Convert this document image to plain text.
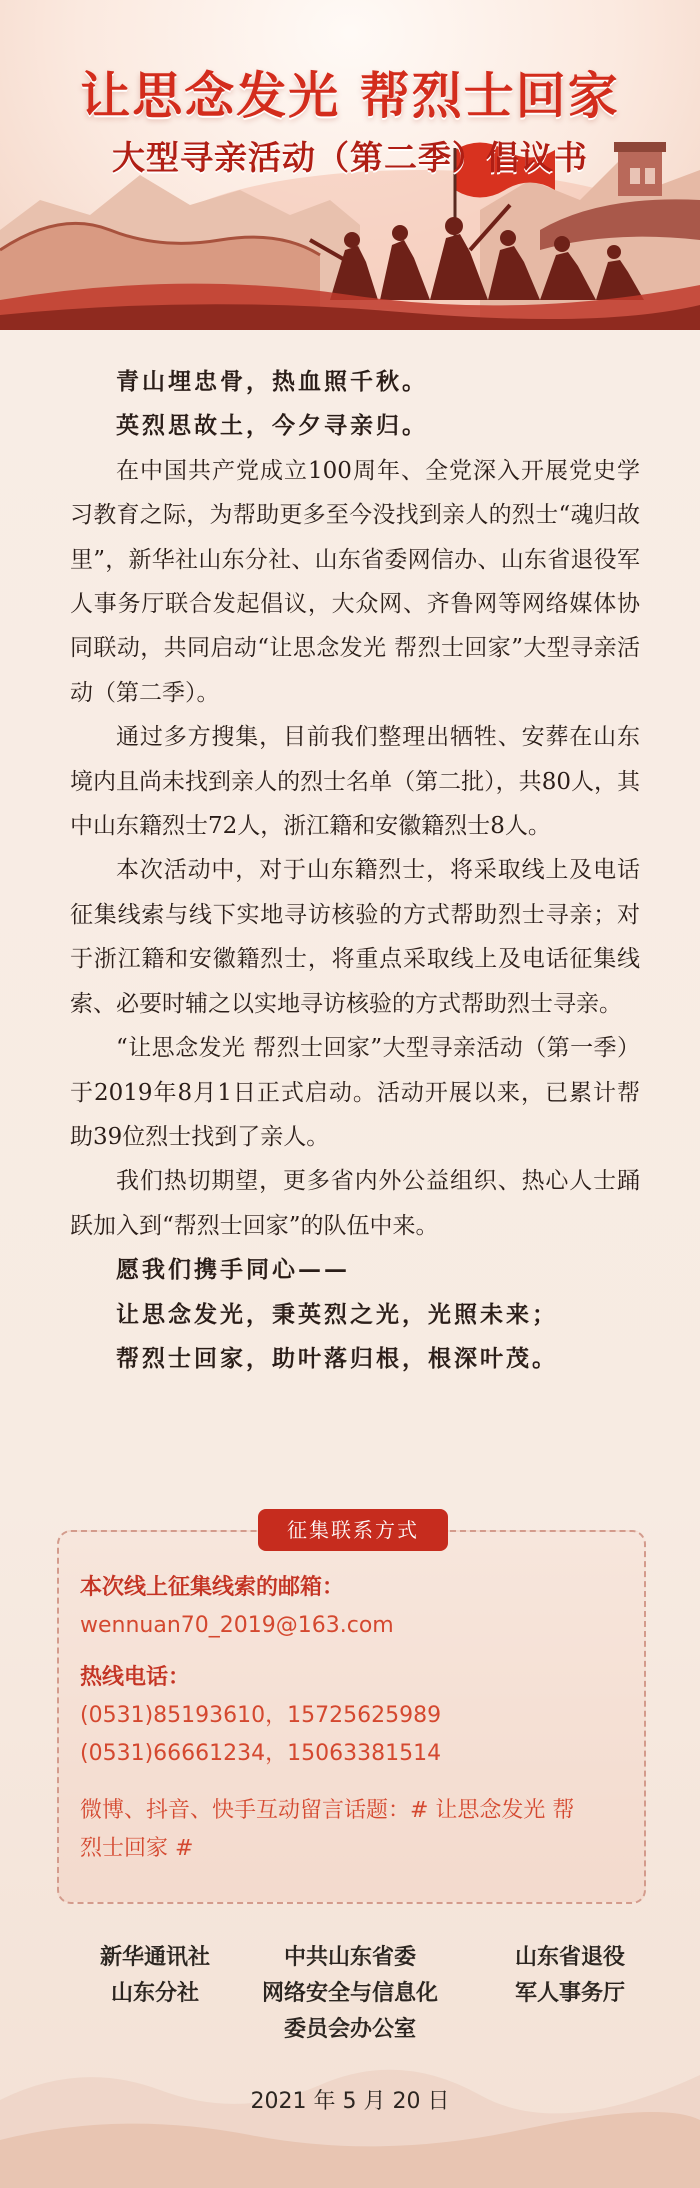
让思念发光 帮烈士回家
大型寻亲活动（第二季）倡议书

青山埋忠骨，热血照千秋。

英烈思故土，今夕寻亲归。

在中国共产党成立100周年、全党深入开展党史学习教育之际，为帮助更多至今没找到亲人的烈士“魂归故里”，新华社山东分社、山东省委网信办、山东省退役军人事务厅联合发起倡议，大众网、齐鲁网等网络媒体协同联动，共同启动“让思念发光 帮烈士回家”大型寻亲活动（第二季）。

通过多方搜集，目前我们整理出牺牲、安葬在山东境内且尚未找到亲人的烈士名单（第二批），共80人，其中山东籍烈士72人，浙江籍和安徽籍烈士8人。

本次活动中，对于山东籍烈士，将采取线上及电话征集线索与线下实地寻访核验的方式帮助烈士寻亲；对于浙江籍和安徽籍烈士，将重点采取线上及电话征集线索、必要时辅之以实地寻访核验的方式帮助烈士寻亲。

“让思念发光 帮烈士回家”大型寻亲活动（第一季）于2019年8月1日正式启动。活动开展以来，已累计帮助39位烈士找到了亲人。

我们热切期望，更多省内外公益组织、热心人士踊跃加入到“帮烈士回家”的队伍中来。

愿我们携手同心——

让思念发光，秉英烈之光，光照未来；

帮烈士回家，助叶落归根，根深叶茂。

征集联系方式
本次线上征集线索的邮箱：
wennuan70_2019@163.com
热线电话：
(0531)85193610，15725625989
(0531)66661234，15063381514
微博、抖音、快手互动留言话题：# 让思念发光 帮
烈士回家 #
新华通讯社
山东分社
中共山东省委
网络安全与信息化
委员会办公室
山东省退役
军人事务厅
2021 年 5 月 20 日
